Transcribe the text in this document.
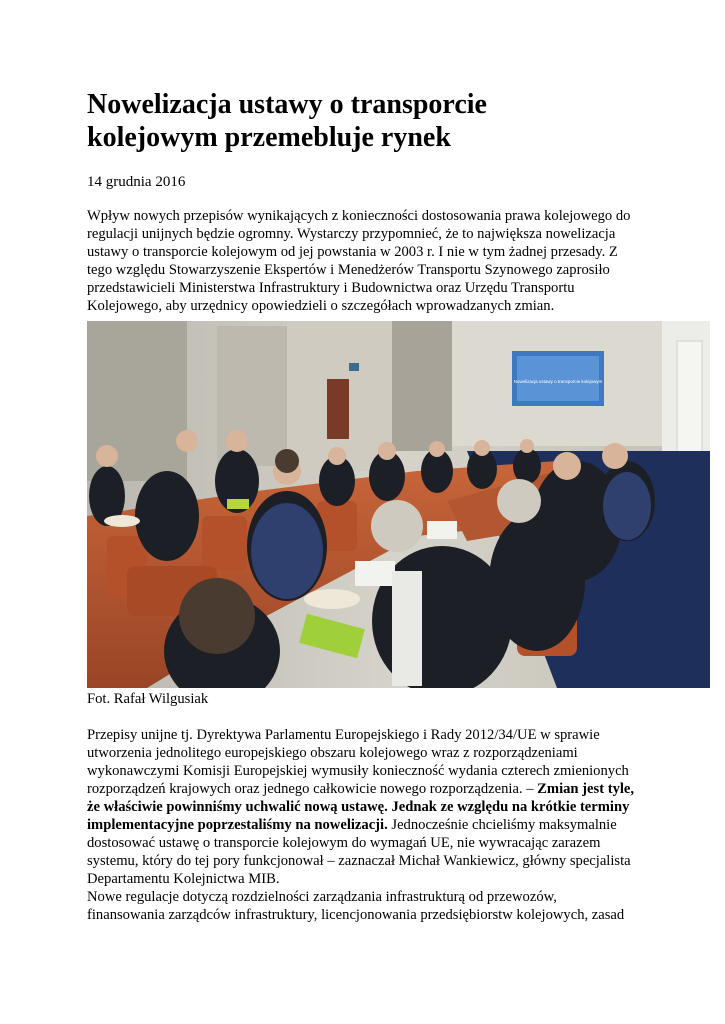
Nowelizacja ustawy o transporcie
kolejowym przemebluje rynek
14 grudnia 2016

Wpływ nowych przepisów wynikających z konieczności dostosowania prawa kolejowego do
regulacji unijnych będzie ogromny. Wystarczy przypomnieć, że to największa nowelizacja
ustawy o transporcie kolejowym od jej powstania w 2003 r. I nie w tym żadnej przesady. Z
tego względu Stowarzyszenie Ekspertów i Menedżerów Transportu Szynowego zaprosiło
przedstawicieli Ministerstwa Infrastruktury i Budownictwa oraz Urzędu Transportu
Kolejowego, aby urzędnicy opowiedzieli o szczegółach wprowadzanych zmian.

Nowelizacja ustawy o transporcie kolejowym
Fot. Rafał Wilgusiak

Przepisy unijne tj. Dyrektywa Parlamentu Europejskiego i Rady 2012/34/UE w sprawie
utworzenia jednolitego europejskiego obszaru kolejowego wraz z rozporządzeniami
wykonawczymi Komisji Europejskiej wymusiły konieczność wydania czterech zmienionych
rozporządzeń krajowych oraz jednego całkowicie nowego rozporządzenia. – Zmian jest tyle,
że właściwie powinniśmy uchwalić nową ustawę. Jednak ze względu na krótkie terminy
implementacyjne poprzestaliśmy na nowelizacji. Jednocześnie chcieliśmy maksymalnie
dostosować ustawę o transporcie kolejowym do wymagań UE, nie wywracając zarazem
systemu, który do tej pory funkcjonował – zaznaczał Michał Wankiewicz, główny specjalista
Departamentu Kolejnictwa MIB.

Nowe regulacje dotyczą rozdzielności zarządzania infrastrukturą od przewozów,
finansowania zarządców infrastruktury, licencjonowania przedsiębiorstw kolejowych, zasad
